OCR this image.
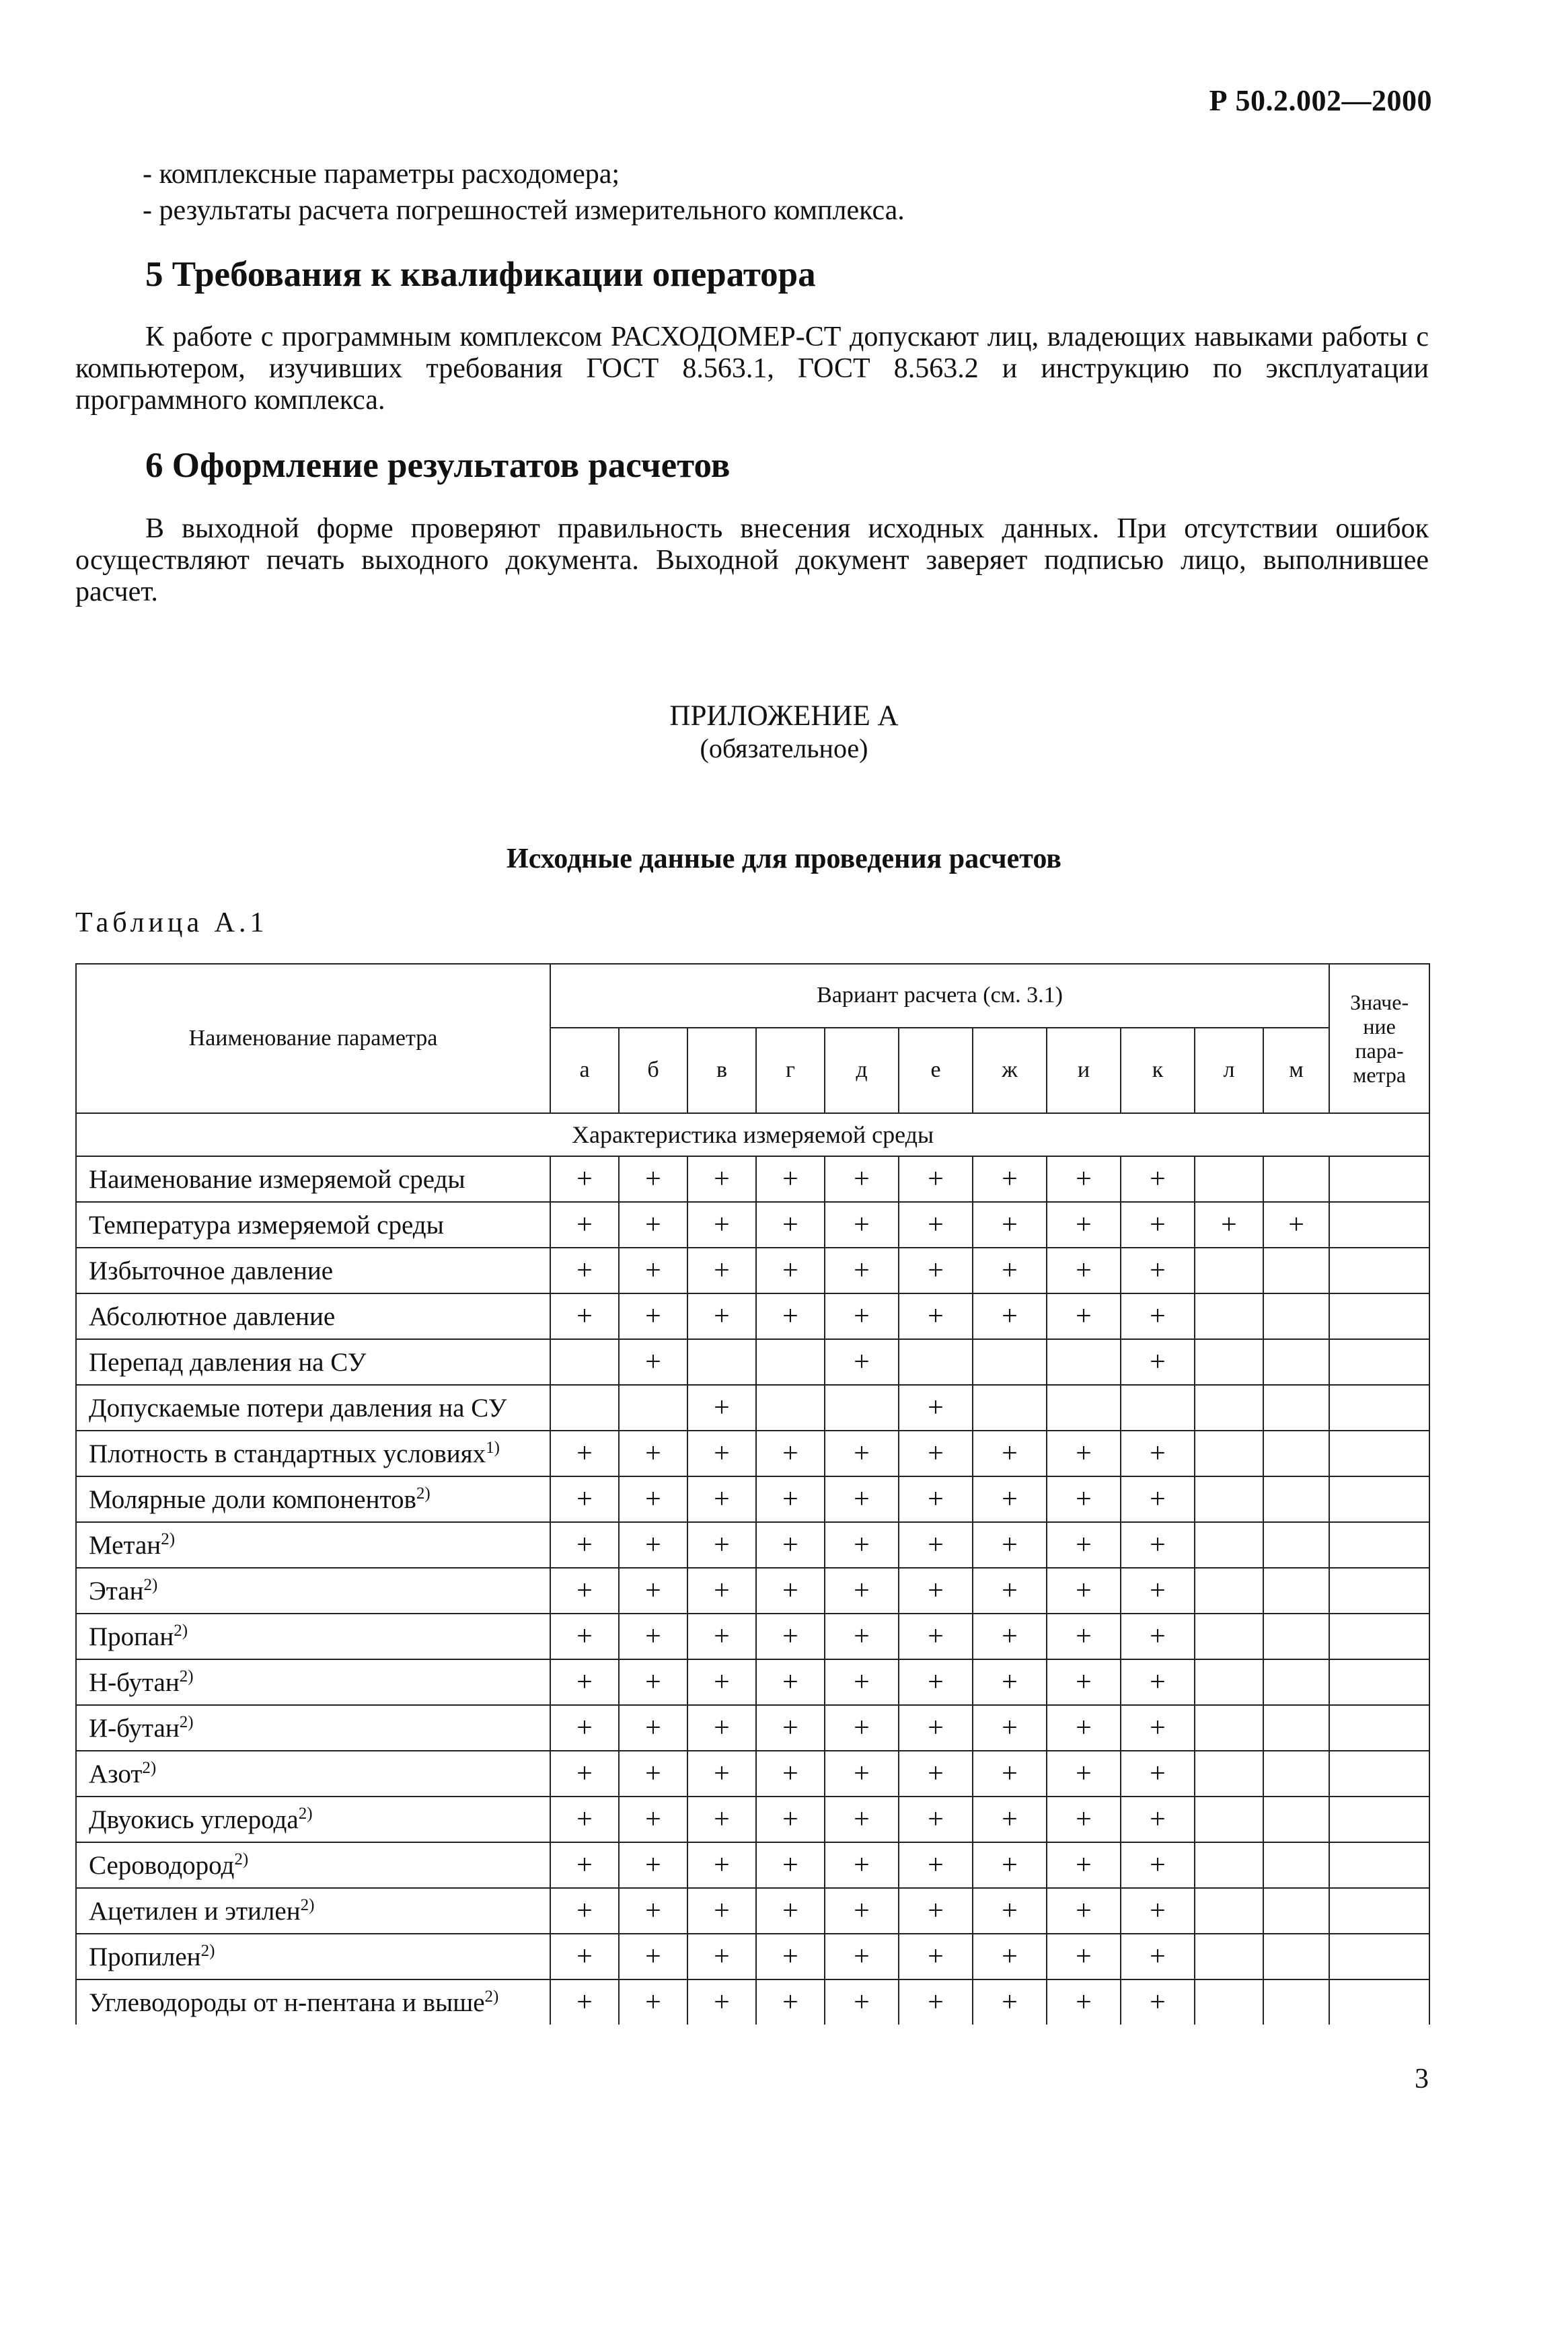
Р 50.2.002—2000
- комплексные параметры расходомера;
- результаты расчета погрешностей измерительного комплекса.
5 Требования к квалификации оператора
К работе с программным комплексом РАСХОДОМЕР-СТ допускают лиц, владеющих навыками работы с компьютером, изучивших требования ГОСТ 8.563.1, ГОСТ 8.563.2 и инструкцию по эксплуатации программного комплекса.
6 Оформление результатов расчетов
В выходной форме проверяют правильность внесения исходных данных. При отсутствии ошибок осуществляют печать выходного документа. Выходной документ заверяет подписью лицо, выполнившее расчет.
ПРИЛОЖЕНИЕ А
(обязательное)
Исходные данные для проведения расчетов
Таблица А.1
Наименование параметра	Вариант расчета (см. 3.1)											Значе-
ние
пара-
метра
	а	б	в	г	д	е	ж	и	к	л	м	
Характеристика измеряемой среды												
Наименование измеряемой среды	+	+	+	+	+	+	+	+	+			
Температура измеряемой среды	+	+	+	+	+	+	+	+	+	+	+	
Избыточное давление	+	+	+	+	+	+	+	+	+			
Абсолютное давление	+	+	+	+	+	+	+	+	+			
Перепад давления на СУ		+			+				+			
Допускаемые потери давления на СУ			+			+						
Плотность в стандартных условиях$^{1)}$	+	+	+	+	+	+	+	+	+			
Молярные доли компонентов$^{2)}$	+	+	+	+	+	+	+	+	+			
Метан$^{2)}$	+	+	+	+	+	+	+	+	+			
Этан$^{2)}$	+	+	+	+	+	+	+	+	+			
Пропан$^{2)}$	+	+	+	+	+	+	+	+	+			
Н-бутан$^{2)}$	+	+	+	+	+	+	+	+	+			
И-бутан$^{2)}$	+	+	+	+	+	+	+	+	+			
Азот$^{2)}$	+	+	+	+	+	+	+	+	+			
Двуокись углерода$^{2)}$	+	+	+	+	+	+	+	+	+			
Сероводород$^{2)}$	+	+	+	+	+	+	+	+	+			
Ацетилен и этилен$^{2)}$	+	+	+	+	+	+	+	+	+			
Пропилен$^{2)}$	+	+	+	+	+	+	+	+	+			
Углеводороды от н-пентана и выше$^{2)}$	+	+	+	+	+	+	+	+	+			
3
